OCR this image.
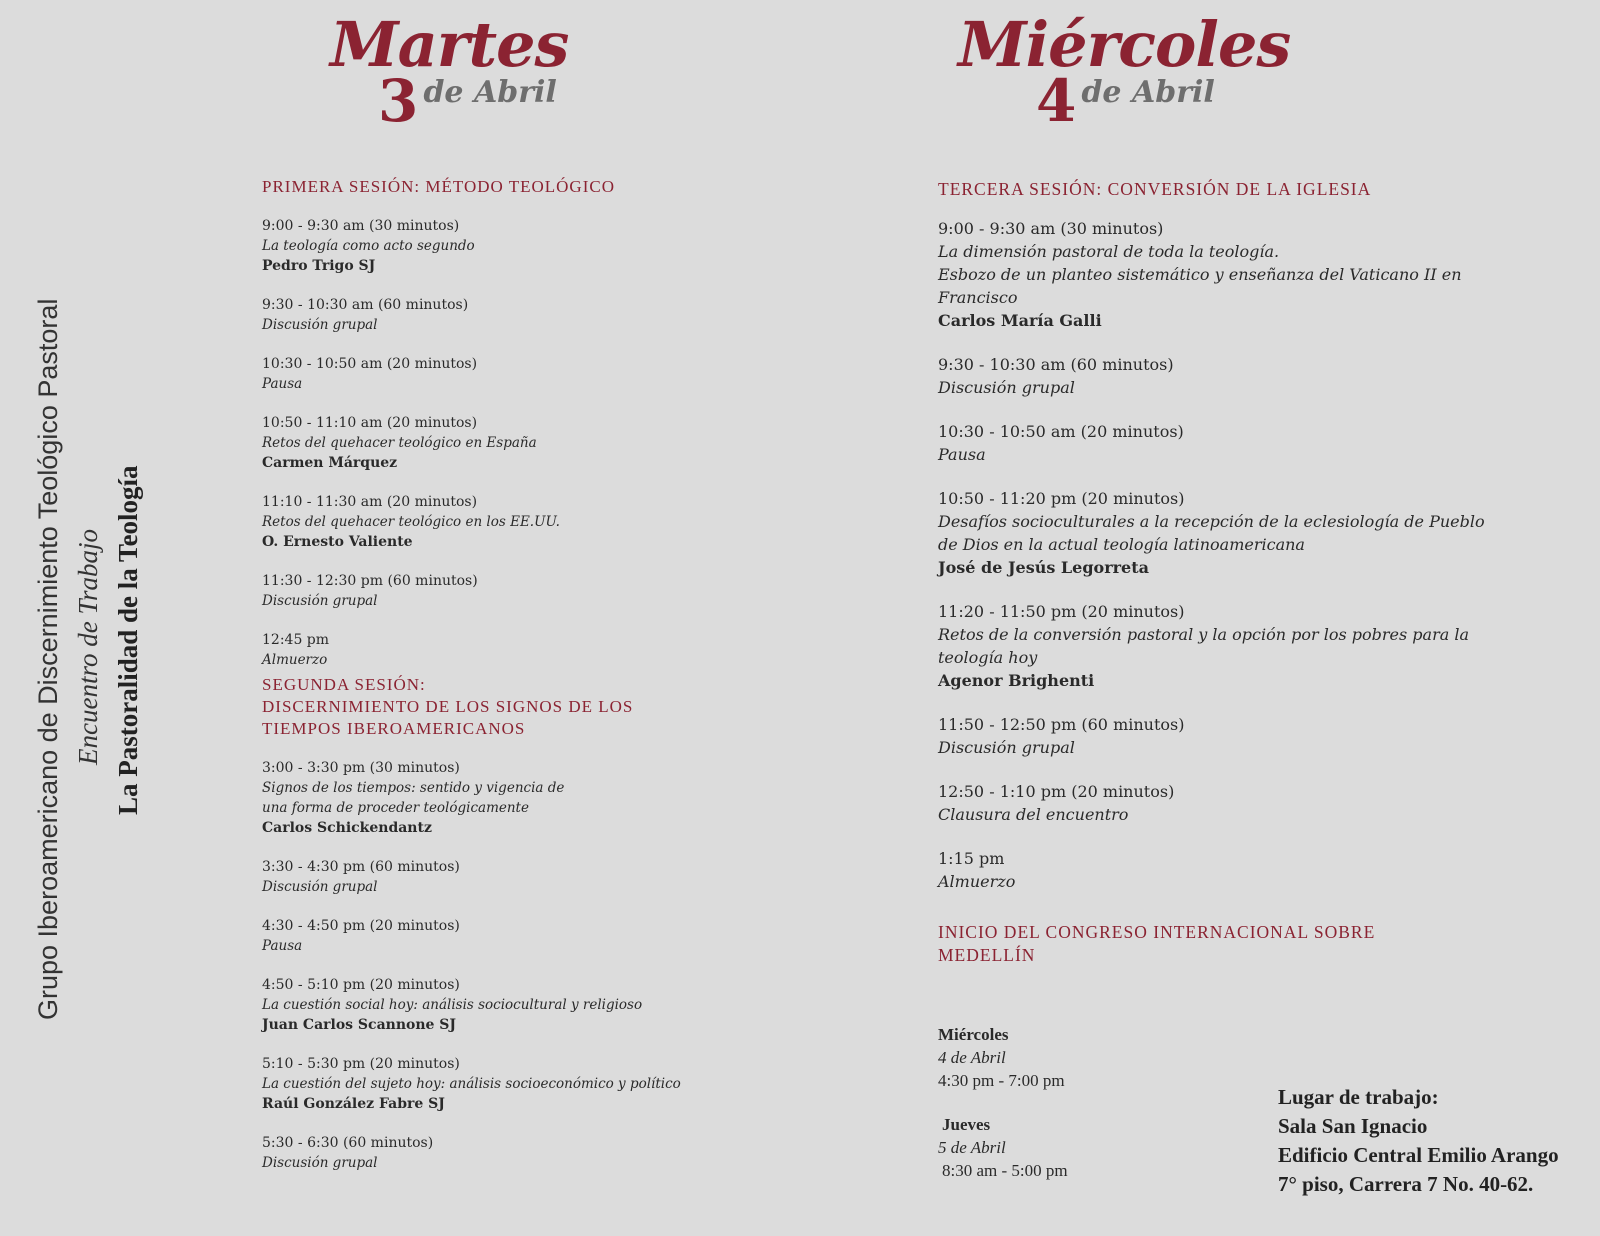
Grupo Iberoamericano de Discernimiento Teológico Pastoral Encuentro de Trabajo La Pastoralidad de la Teología
Martes
3 de Abril
Miércoles
4 de Abril
PRIMERA SESIÓN: MÉTODO TEOLÓGICO
9:00 - 9:30 am (30 minutos)
La teología como acto segundo
Pedro Trigo SJ
9:30 - 10:30 am (60 minutos)
Discusión grupal
10:30 - 10:50 am (20 minutos)
Pausa
10:50 - 11:10 am (20 minutos)
Retos del quehacer teológico en España
Carmen Márquez
11:10 - 11:30 am (20 minutos)
Retos del quehacer teológico en los EE.UU.
O. Ernesto Valiente
11:30 - 12:30 pm (60 minutos)
Discusión grupal
12:45 pm
Almuerzo
SEGUNDA SESIÓN:
DISCERNIMIENTO DE LOS SIGNOS DE LOS
TIEMPOS IBEROAMERICANOS
3:00 - 3:30 pm (30 minutos)
Signos de los tiempos: sentido y vigencia de
una forma de proceder teológicamente
Carlos Schickendantz
3:30 - 4:30 pm (60 minutos)
Discusión grupal
4:30 - 4:50 pm (20 minutos)
Pausa
4:50 - 5:10 pm (20 minutos)
La cuestión social hoy: análisis sociocultural y religioso
Juan Carlos Scannone SJ
5:10 - 5:30 pm (20 minutos)
La cuestión del sujeto hoy: análisis socioeconómico y político
Raúl González Fabre SJ
5:30 - 6:30 (60 minutos)
Discusión grupal
TERCERA SESIÓN: CONVERSIÓN DE LA IGLESIA
9:00 - 9:30 am (30 minutos)
La dimensión pastoral de toda la teología.
Esbozo de un planteo sistemático y enseñanza del Vaticano II en
Francisco
Carlos María Galli
9:30 - 10:30 am (60 minutos)
Discusión grupal
10:30 - 10:50 am (20 minutos)
Pausa
10:50 - 11:20 pm (20 minutos)
Desafíos socioculturales a la recepción de la eclesiología de Pueblo
de Dios en la actual teología latinoamericana
José de Jesús Legorreta
11:20 - 11:50 pm (20 minutos)
Retos de la conversión pastoral y la opción por los pobres para la
teología hoy
Agenor Brighenti
11:50 - 12:50 pm (60 minutos)
Discusión grupal
12:50 - 1:10 pm (20 minutos)
Clausura del encuentro
1:15 pm
Almuerzo
INICIO DEL CONGRESO INTERNACIONAL SOBRE
MEDELLÍN
Miércoles
4 de Abril
4:30 pm - 7:00 pm
Jueves
5 de Abril
8:30 am - 5:00 pm
Lugar de trabajo:
Sala San Ignacio
Edificio Central Emilio Arango
7° piso, Carrera 7 No. 40-62.
